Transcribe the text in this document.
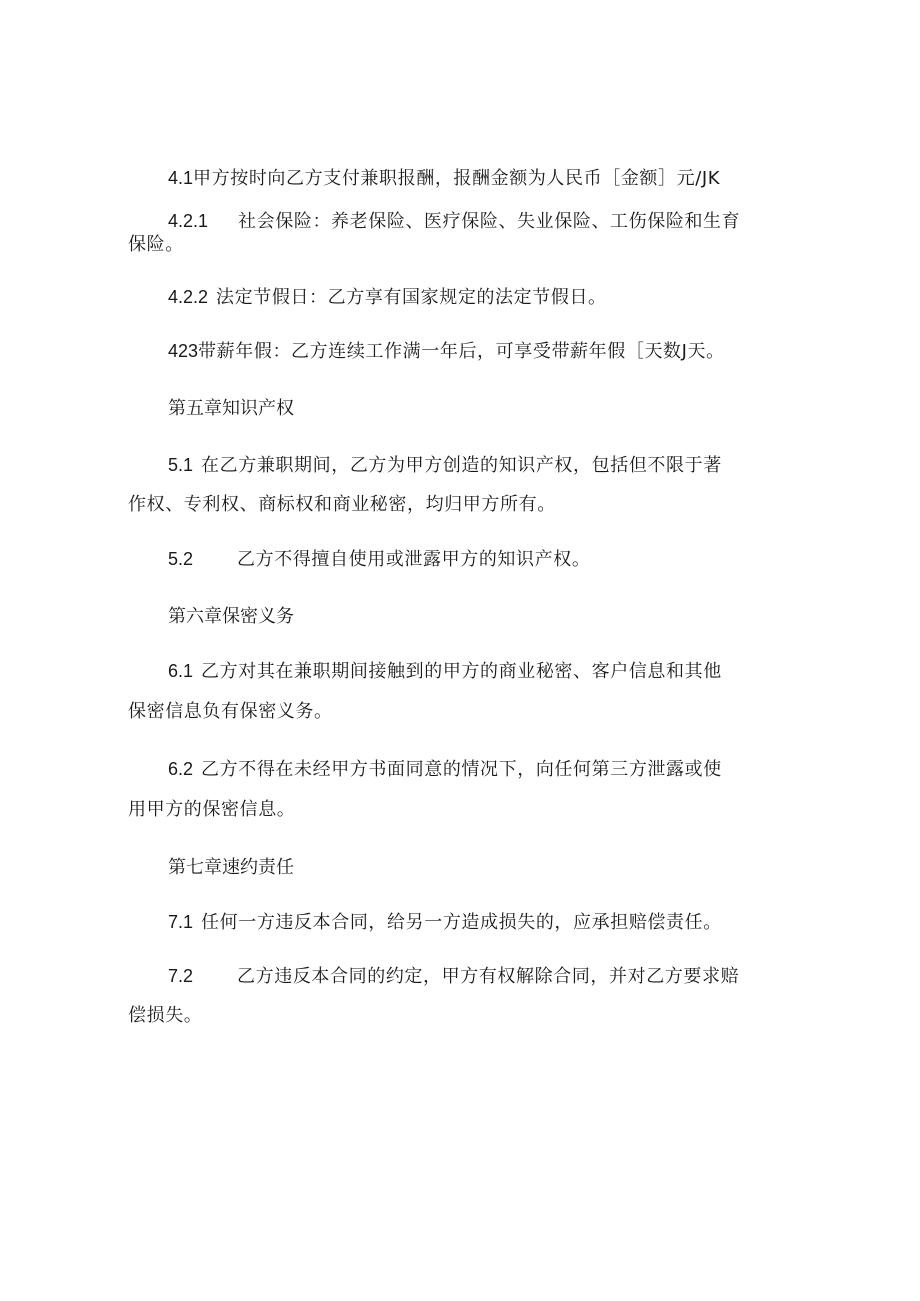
4.1甲方按时向乙方支付兼职报酬，报酬金额为人民币［金额］元/JK
4.2.1 社会保险：养老保险、医疗保险、失业保险、工伤保险和生育
保险。
4.2.2 法定节假日：乙方享有国家规定的法定节假日。
423带薪年假：乙方连续工作满一年后，可享受带薪年假［天数J天。
第五章知识产权
5.1 在乙方兼职期间，乙方为甲方创造的知识产权，包括但不限于著
作权、专利权、商标权和商业秘密，均归甲方所有。
5.2 乙方不得擅自使用或泄露甲方的知识产权。
第六章保密义务
6.1 乙方对其在兼职期间接触到的甲方的商业秘密、客户信息和其他
保密信息负有保密义务。
6.2 乙方不得在未经甲方书面同意的情况下，向任何第三方泄露或使
用甲方的保密信息。
第七章速约责任
7.1 任何一方违反本合同，给另一方造成损失的，应承担赔偿责任。
7.2 乙方违反本合同的约定，甲方有权解除合同，并对乙方要求赔
偿损失。
